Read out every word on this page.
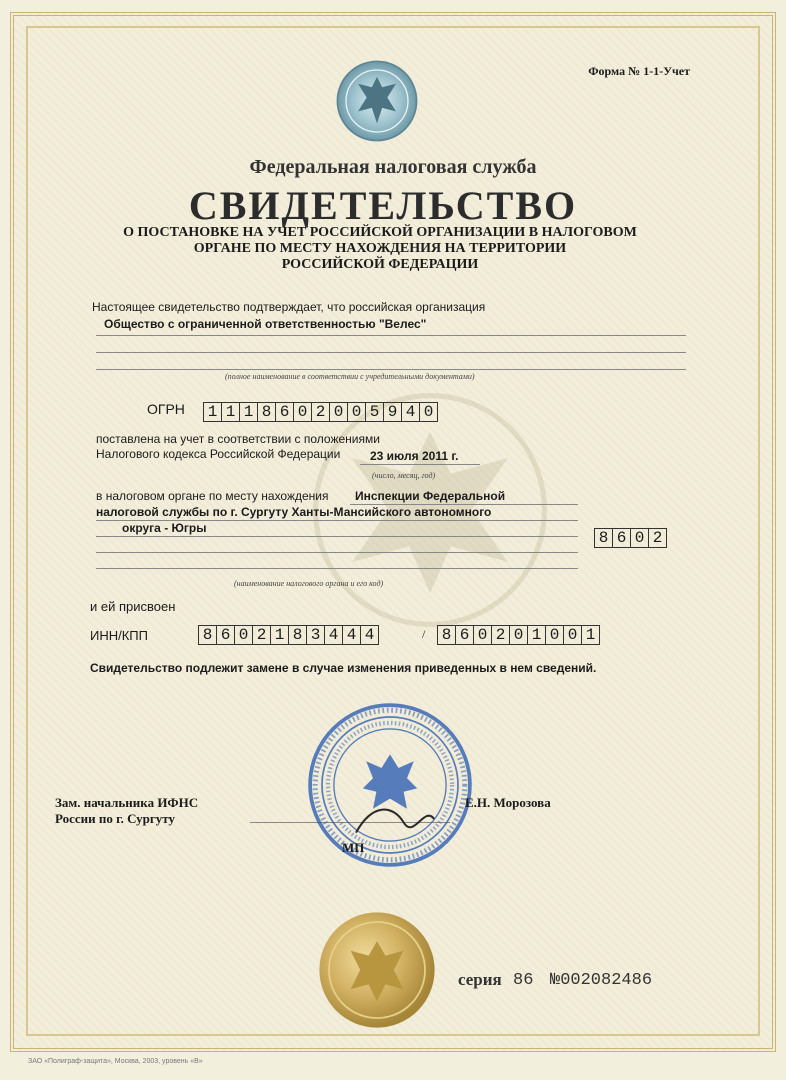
Форма № 1-1-Учет
Федеральная налоговая служба
СВИДЕТЕЛЬСТВО
О ПОСТАНОВКЕ НА УЧЕТ РОССИЙСКОЙ ОРГАНИЗАЦИИ В НАЛОГОВОМ
ОРГАНЕ ПО МЕСТУ НАХОЖДЕНИЯ НА ТЕРРИТОРИИ
РОССИЙСКОЙ ФЕДЕРАЦИИ
Настоящее свидетельство подтверждает, что российская организация
Общество с ограниченной ответственностью "Велес"
(полное наименование в соответствии с учредительными документами)
ОГРН 1 1 1 8 6 0 2 0 0 5 9 4 0
поставлена на учет в соответствии с положениями
Налогового кодекса Российской Федерации 23 июля 2011 г.
(число, месяц, год)
в налоговом органе по месту нахождения Инспекции Федеральной
налоговой службы по г. Сургуту Ханты-Мансийского автономного
округа - Югры
8 6 0 2
(наименование налогового органа и его код)
и ей присвоен
ИНН/КПП	8 6 0 2 1 8 3 4 4 4	/ 8 6 0 2 0 1 0 0 1
Свидетельство подлежит замене в случае изменения приведенных в нем сведений.
Зам. начальника ИФНС
России по г. Сургуту
Е.Н. Морозова
МП
серия 86 №002082486
ЗАО «Полиграф-защита», Москва, 2003, уровень «В»
